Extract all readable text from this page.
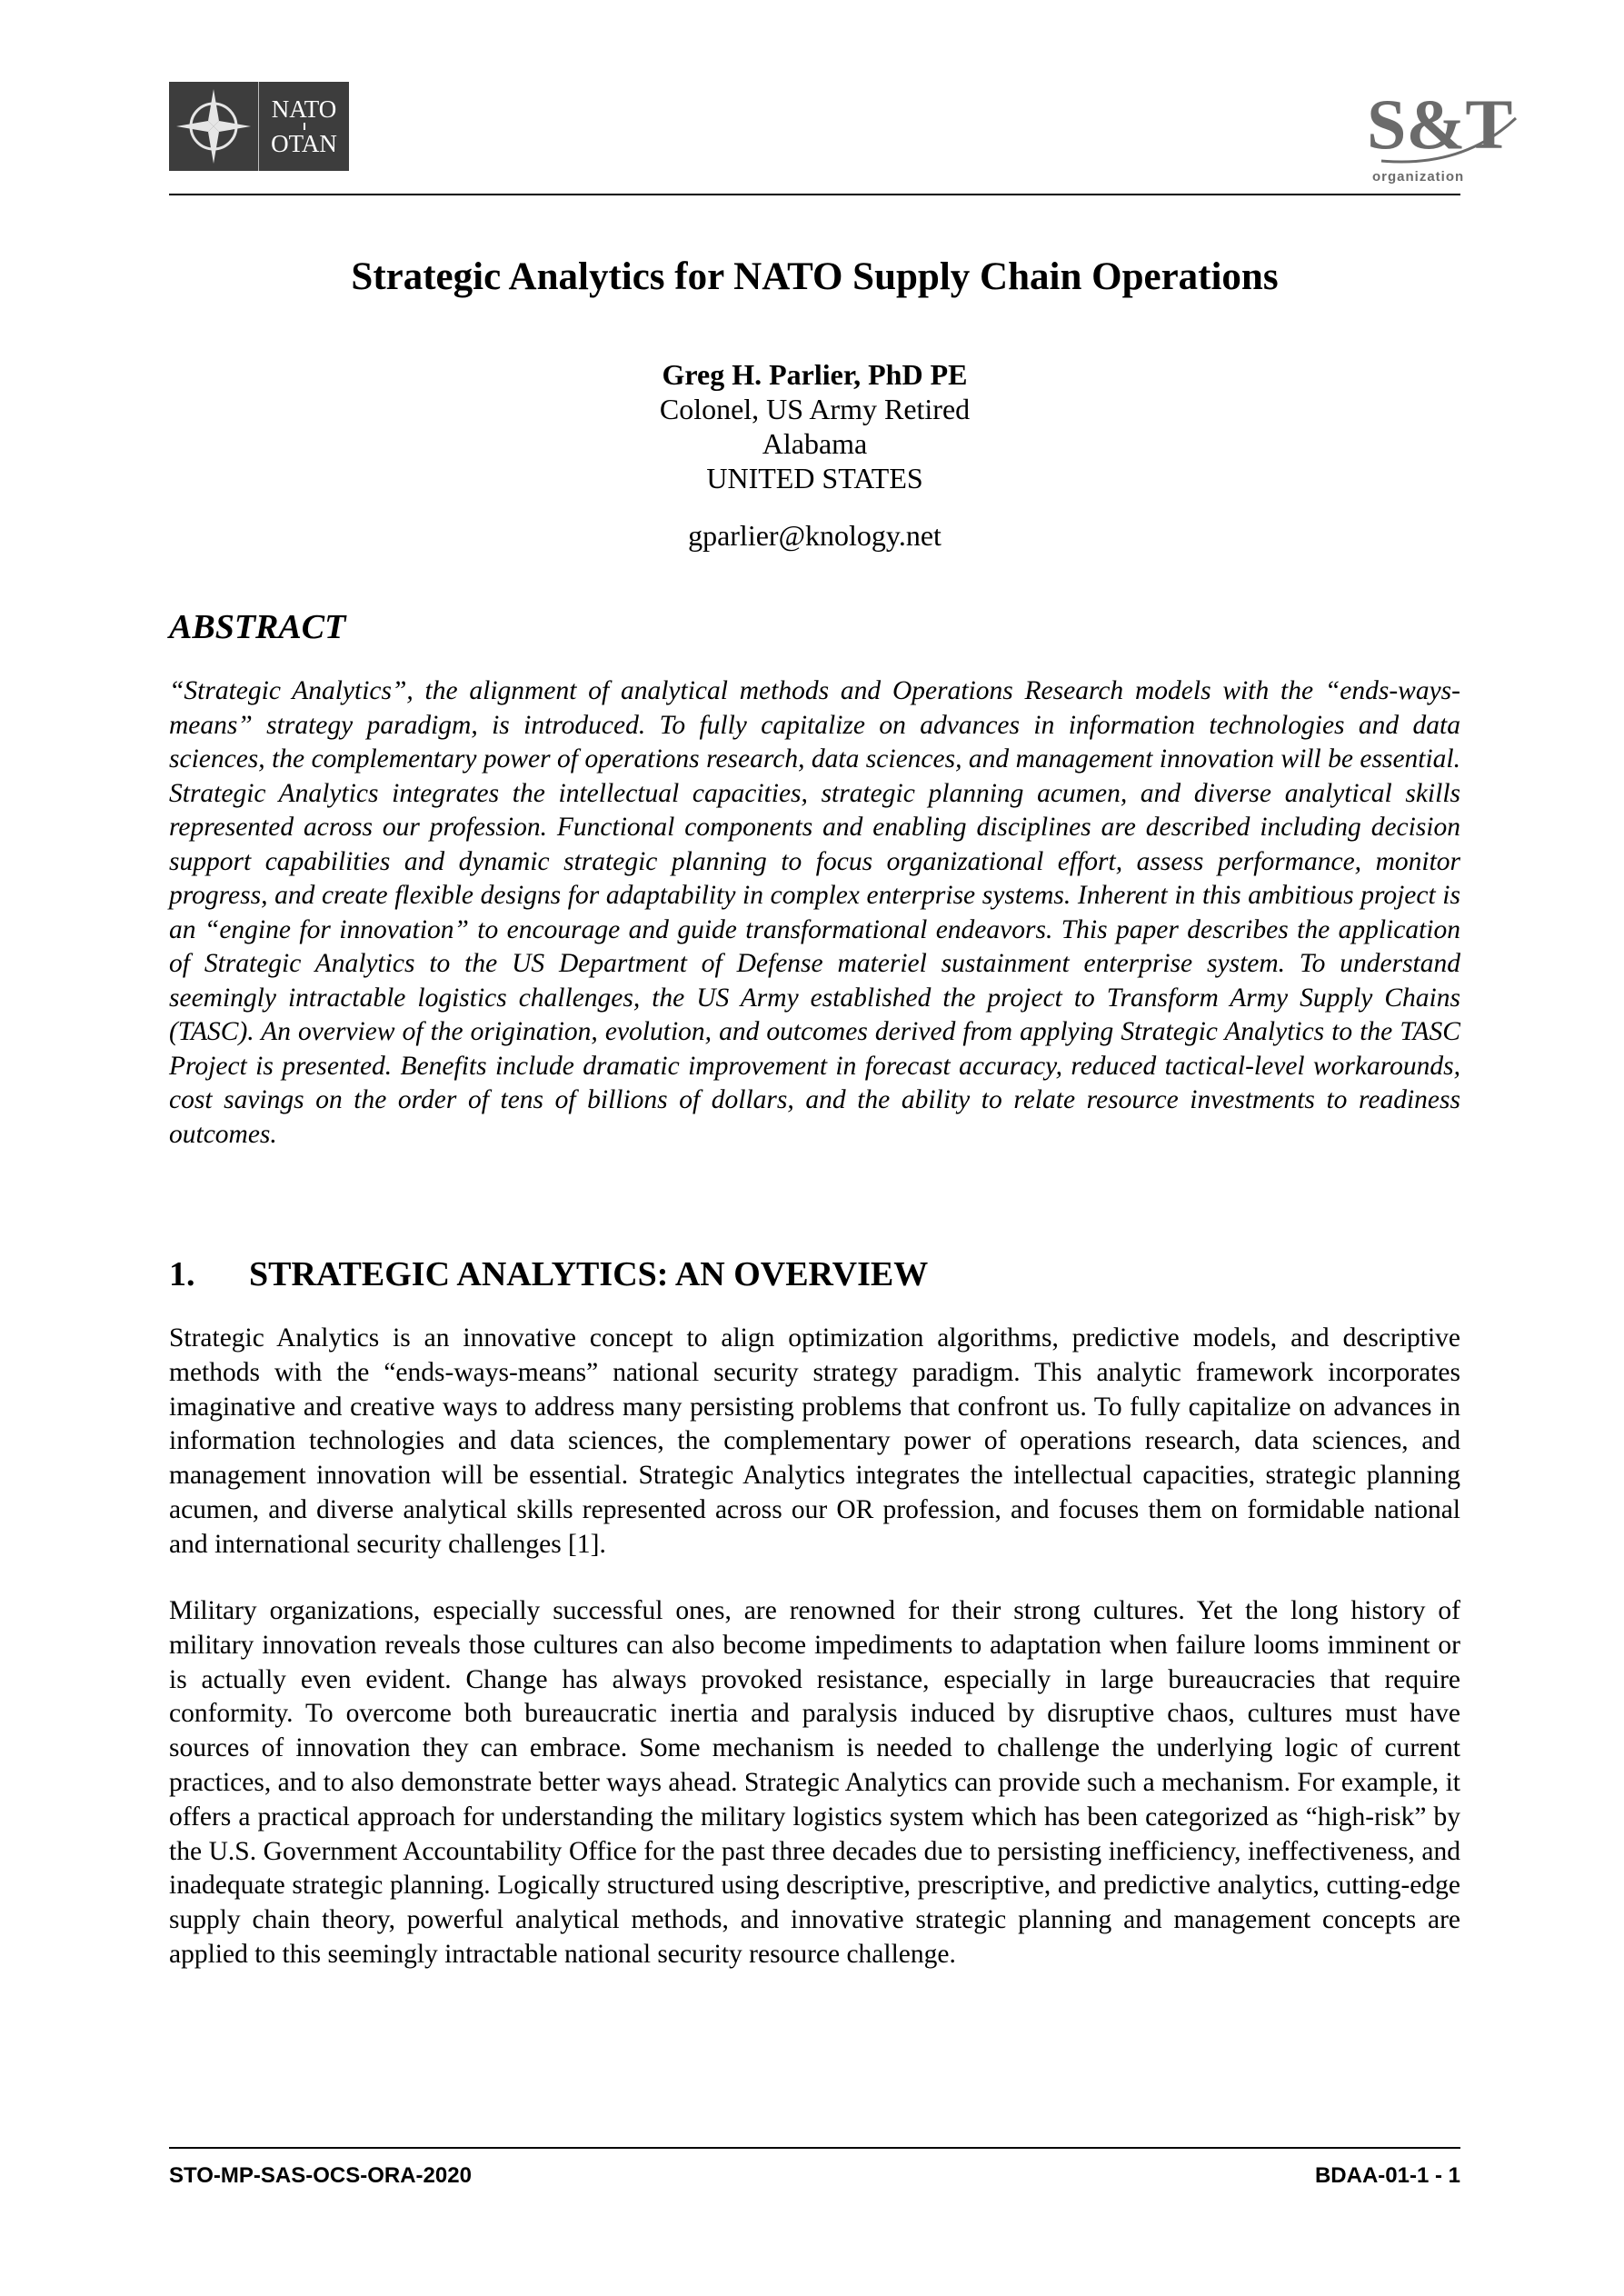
NATO
OTAN	S&T
organization
Strategic Analytics for NATO Supply Chain Operations
Greg H. Parlier, PhD PE
Colonel, US Army Retired
Alabama
UNITED STATES
gparlier@knology.net
ABSTRACT

“Strategic Analytics”, the alignment of analytical methods and Operations Research models with the “ends-ways-means” strategy paradigm, is introduced. To fully capitalize on advances in information technologies and data sciences, the complementary power of operations research, data sciences, and management innovation will be essential. Strategic Analytics integrates the intellectual capacities, strategic planning acumen, and diverse analytical skills represented across our profession. Functional components and enabling disciplines are described including decision support capabilities and dynamic strategic planning to focus organizational effort, assess performance, monitor progress, and create flexible designs for adaptability in complex enterprise systems. Inherent in this ambitious project is an “engine for innovation” to encourage and guide transformational endeavors. This paper describes the application of Strategic Analytics to the US Department of Defense materiel sustainment enterprise system. To understand seemingly intractable logistics challenges, the US Army established the project to Transform Army Supply Chains (TASC). An overview of the origination, evolution, and outcomes derived from applying Strategic Analytics to the TASC Project is presented. Benefits include dramatic improvement in forecast accuracy, reduced tactical-level workarounds, cost savings on the order of tens of billions of dollars, and the ability to relate resource investments to readiness outcomes.

1.	STRATEGIC ANALYTICS: AN OVERVIEW

Strategic Analytics is an innovative concept to align optimization algorithms, predictive models, and descriptive methods with the “ends-ways-means” national security strategy paradigm. This analytic framework incorporates imaginative and creative ways to address many persisting problems that confront us. To fully capitalize on advances in information technologies and data sciences, the complementary power of operations research, data sciences, and management innovation will be essential. Strategic Analytics integrates the intellectual capacities, strategic planning acumen, and diverse analytical skills represented across our OR profession, and focuses them on formidable national and international security challenges [1].

Military organizations, especially successful ones, are renowned for their strong cultures. Yet the long history of military innovation reveals those cultures can also become impediments to adaptation when failure looms imminent or is actually even evident. Change has always provoked resistance, especially in large bureaucracies that require conformity. To overcome both bureaucratic inertia and paralysis induced by disruptive chaos, cultures must have sources of innovation they can embrace. Some mechanism is needed to challenge the underlying logic of current practices, and to also demonstrate better ways ahead. Strategic Analytics can provide such a mechanism. For example, it offers a practical approach for understanding the military logistics system which has been categorized as “high-risk” by the U.S. Government Accountability Office for the past three decades due to persisting inefficiency, ineffectiveness, and inadequate strategic planning. Logically structured using descriptive, prescriptive, and predictive analytics, cutting-edge supply chain theory, powerful analytical methods, and innovative strategic planning and management concepts are applied to this seemingly intractable national security resource challenge.

STO-MP-SAS-OCS-ORA-2020	BDAA-01-1 - 1
